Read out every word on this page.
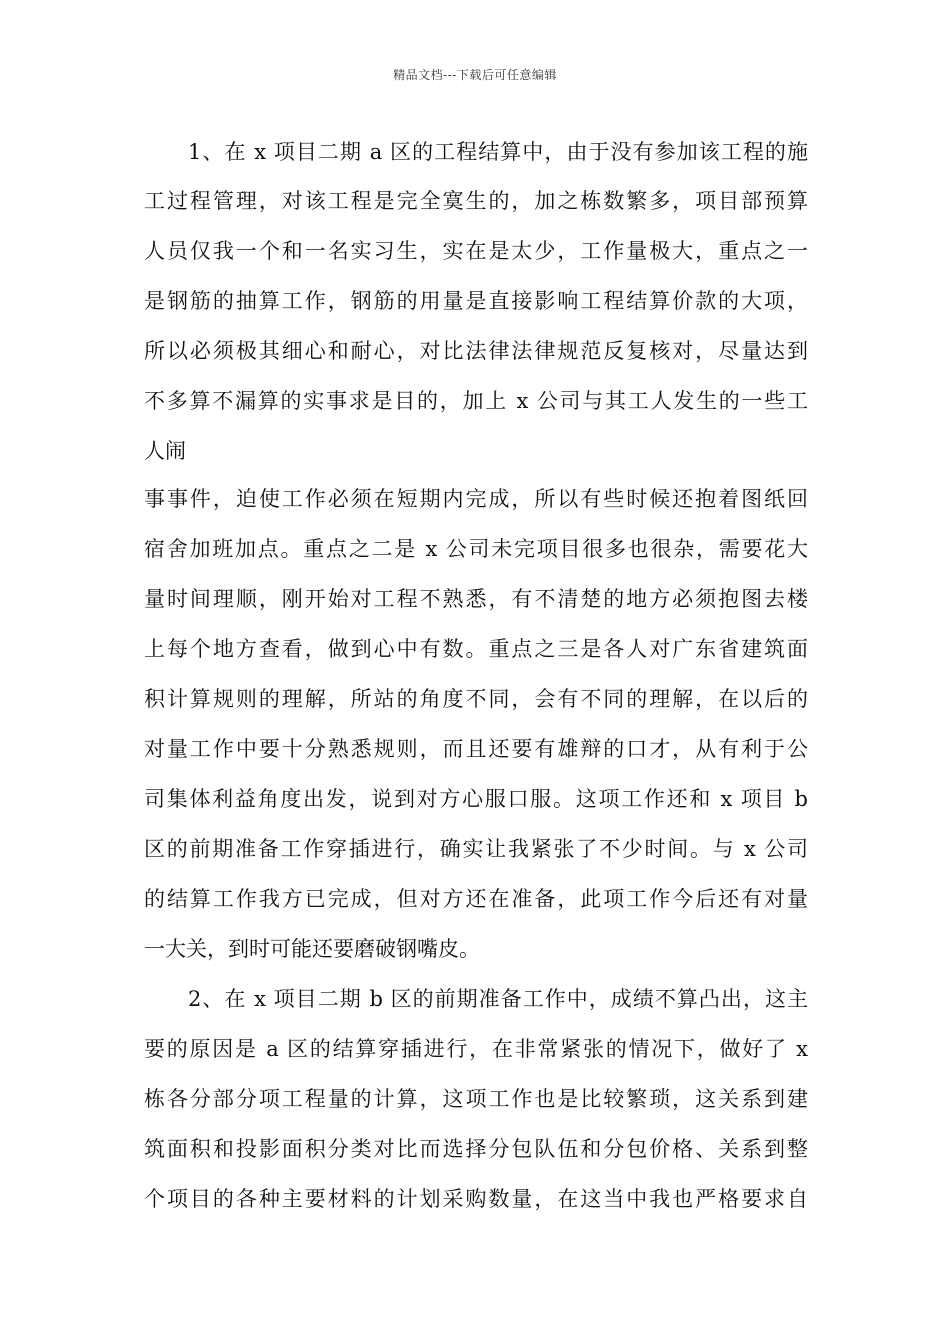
精品文档---下载后可任意编辑
1、在 x 项目二期 a 区的工程结算中，由于没有参加该工程的施
工过程管理，对该工程是完全寞生的，加之栋数繁多，项目部预算
人员仅我一个和一名实习生，实在是太少，工作量极大，重点之一
是钢筋的抽算工作，钢筋的用量是直接影响工程结算价款的大项，
所以必须极其细心和耐心，对比法律法律规范反复核对，尽量达到
不多算不漏算的实事求是目的，加上 x 公司与其工人发生的一些工
人闹
事事件，迫使工作必须在短期内完成，所以有些时候还抱着图纸回
宿舍加班加点。重点之二是 x 公司未完项目很多也很杂，需要花大
量时间理顺，刚开始对工程不熟悉，有不清楚的地方必须抱图去楼
上每个地方查看，做到心中有数。重点之三是各人对广东省建筑面
积计算规则的理解，所站的角度不同，会有不同的理解，在以后的
对量工作中要十分熟悉规则，而且还要有雄辩的口才，从有利于公
司集体利益角度出发，说到对方心服口服。这项工作还和 x 项目 b
区的前期准备工作穿插进行，确实让我紧张了不少时间。与 x 公司
的结算工作我方已完成，但对方还在准备，此项工作今后还有对量
一大关，到时可能还要磨破钢嘴皮。
2、在 x 项目二期 b 区的前期准备工作中，成绩不算凸出，这主
要的原因是 a 区的结算穿插进行，在非常紧张的情况下，做好了 x
栋各分部分项工程量的计算，这项工作也是比较繁琐，这关系到建
筑面积和投影面积分类对比而选择分包队伍和分包价格、关系到整
个项目的各种主要材料的计划采购数量，在这当中我也严格要求自
